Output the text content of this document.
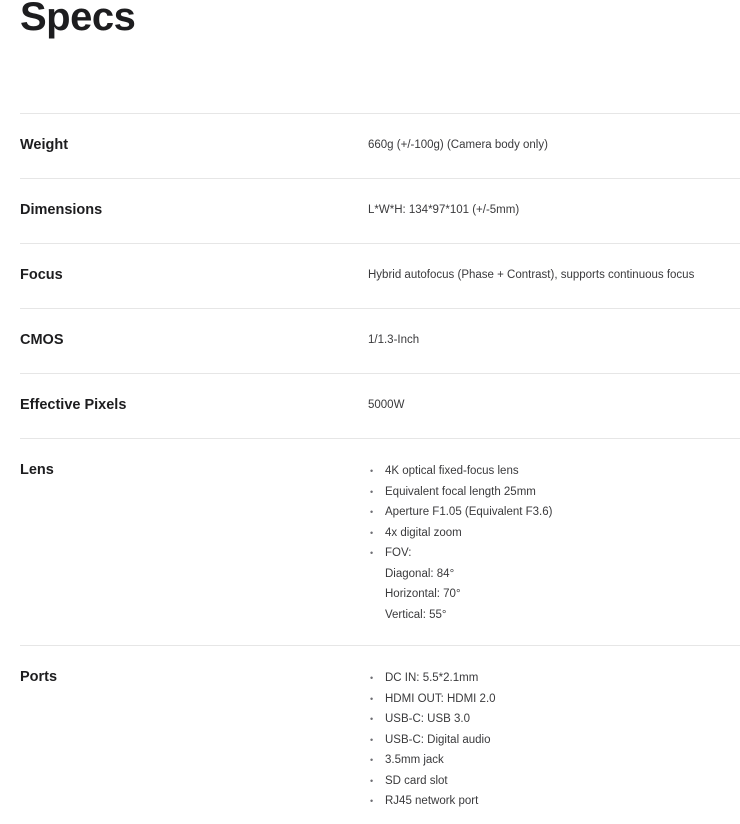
Specs
Weight	660g (+/-100g) (Camera body only)
Dimensions	L*W*H: 134*97*101 (+/-5mm)
Focus	Hybrid autofocus (Phase + Contrast), supports continuous focus
CMOS	1/1.3-Inch
Effective Pixels	5000W
Lens	• 4K optical fixed-focus lens
• Equivalent focal length 25mm
• Aperture F1.05 (Equivalent F3.6)
• 4x digital zoom
• FOV:
Diagonal: 84°
Horizontal: 70°
Vertical: 55°
Ports	• DC IN: 5.5*2.1mm
• HDMI OUT: HDMI 2.0
• USB-C: USB 3.0
• USB-C: Digital audio
• 3.5mm jack
• SD card slot
• RJ45 network port
